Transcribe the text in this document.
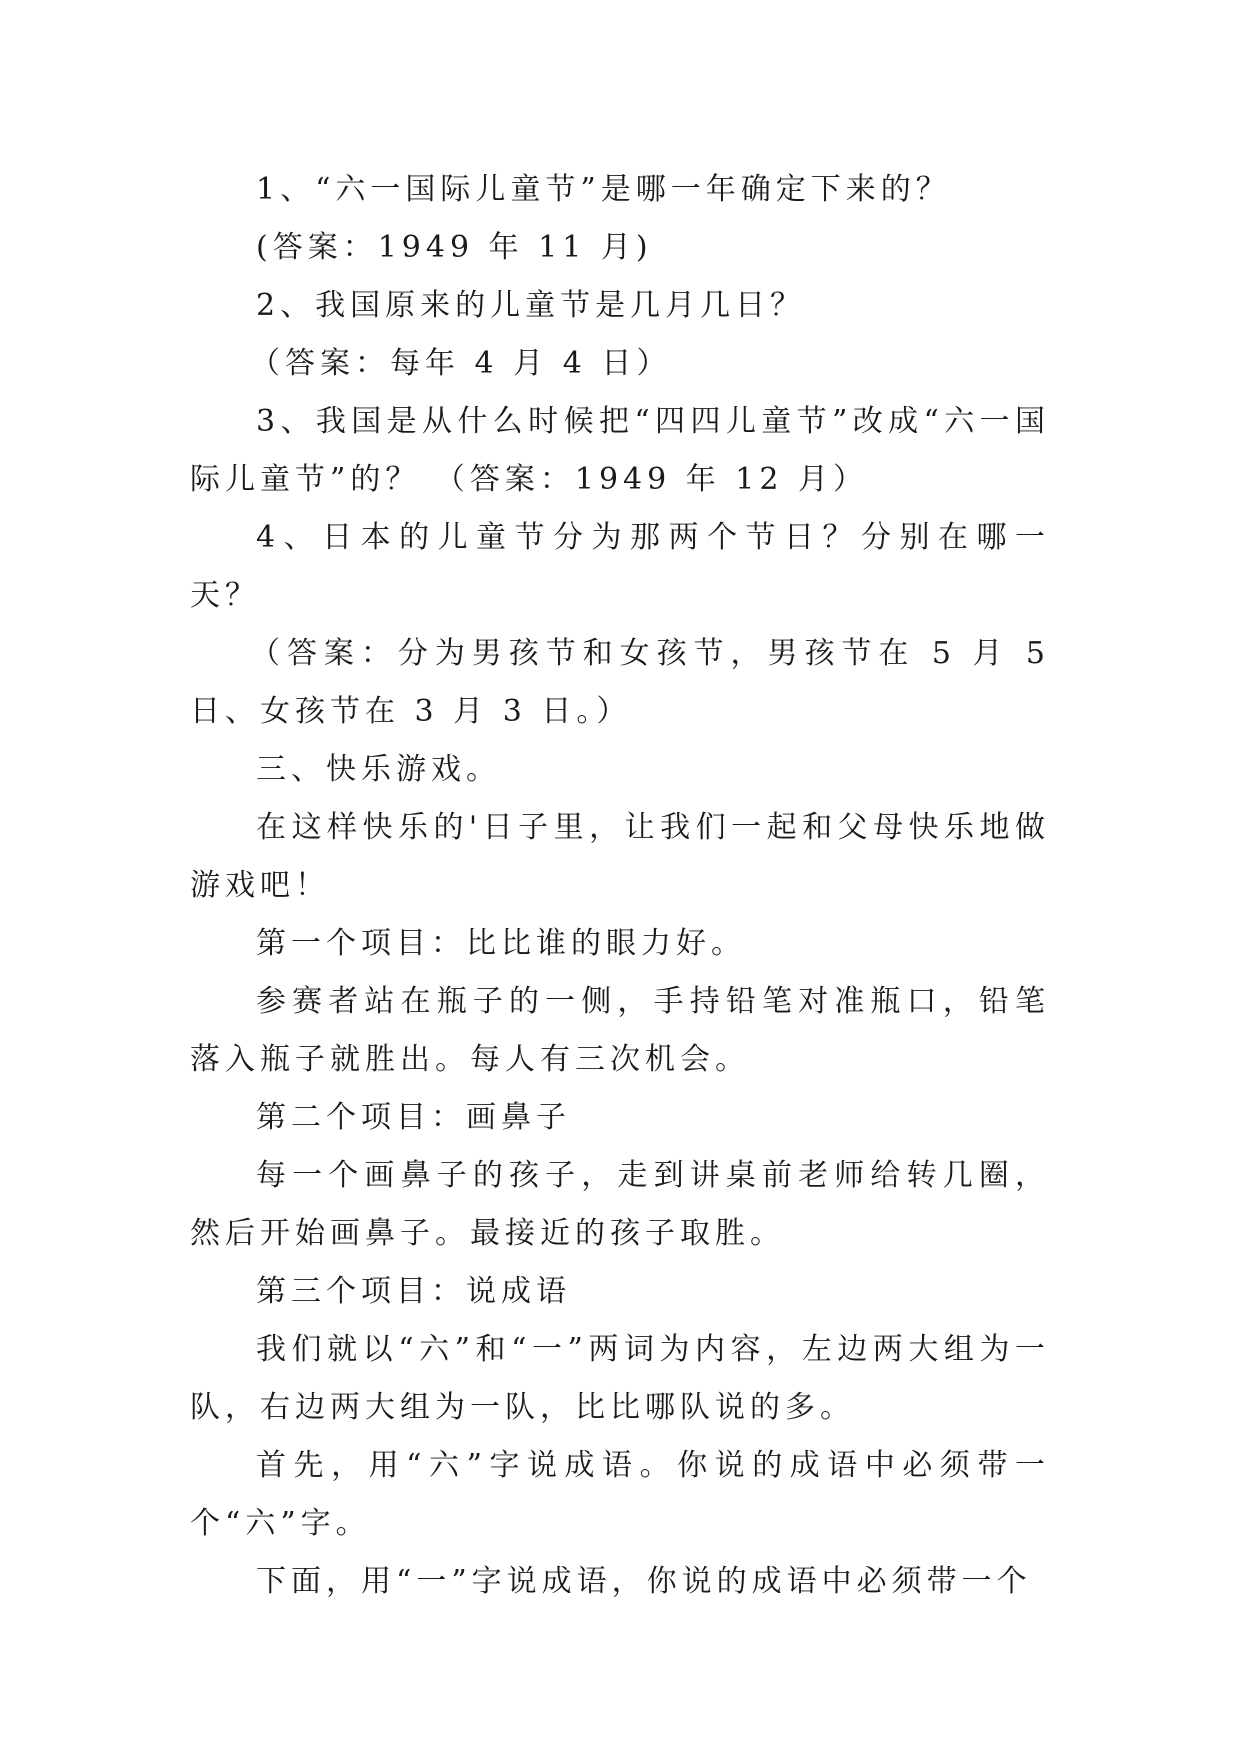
1、“六一国际儿童节”是哪一年确定下来的？

(答案：1949 年 11 月)

2、我国原来的儿童节是几月几日？

（答案：每年 4 月 4 日）

3、我国是从什么时候把“四四儿童节”改成“六一国际儿童节”的？ （答案：1949 年 12 月）

4、日本的儿童节分为那两个节日？分别在哪一天？

（答案：分为男孩节和女孩节，男孩节在 5 月 5 日、女孩节在 3 月 3 日。）

三、快乐游戏。

在这样快乐的'日子里，让我们一起和父母快乐地做游戏吧！

第一个项目：比比谁的眼力好。

参赛者站在瓶子的一侧，手持铅笔对准瓶口，铅笔落入瓶子就胜出。每人有三次机会。

第二个项目：画鼻子

每一个画鼻子的孩子，走到讲桌前老师给转几圈，然后开始画鼻子。最接近的孩子取胜。

第三个项目：说成语

我们就以“六”和“一”两词为内容，左边两大组为一队，右边两大组为一队，比比哪队说的多。

首先，用“六”字说成语。你说的成语中必须带一个“六”字。

下面，用“一”字说成语，你说的成语中必须带一个
